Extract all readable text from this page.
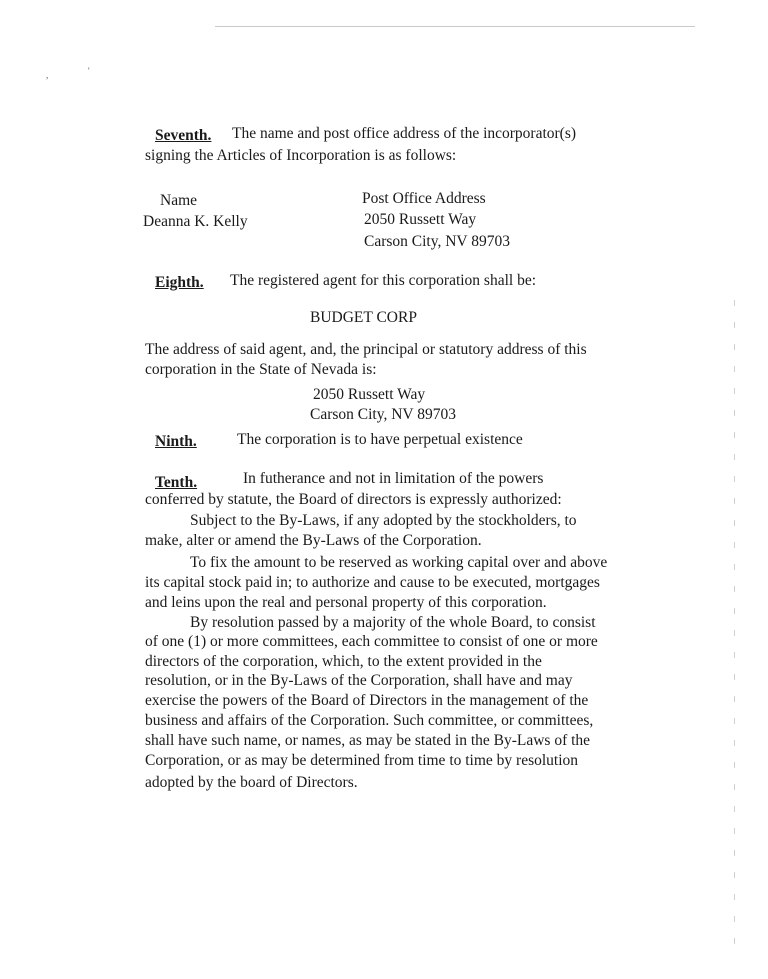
,	'
Seventh. The name and post office address of the incorporator(s)
signing the Articles of Incorporation is as follows:
Name	Post Office Address
Deanna K. Kelly	2050 Russett Way
Carson City, NV 89703
Eighth. The registered agent for this corporation shall be:
BUDGET CORP
The address of said agent, and, the principal or statutory address of this
corporation in the State of Nevada is:
2050 Russett Way
Carson City, NV 89703
Ninth.	The corporation is to have perpetual existence
Tenth.	In futherance and not in limitation of the powers
conferred by statute, the Board of directors is expressly authorized:
Subject to the By-Laws, if any adopted by the stockholders, to
make, alter or amend the By-Laws of the Corporation.
To fix the amount to be reserved as working capital over and above
its capital stock paid in; to authorize and cause to be executed, mortgages
and leins upon the real and personal property of this corporation.
By resolution passed by a majority of the whole Board, to consist
of one (1) or more committees, each committee to consist of one or more
directors of the corporation, which, to the extent provided in the
resolution, or in the By-Laws of the Corporation, shall have and may
exercise the powers of the Board of Directors in the management of the
business and affairs of the Corporation. Such committee, or committees,
shall have such name, or names, as may be stated in the By-Laws of the
Corporation, or as may be determined from time to time by resolution
adopted by the board of Directors.
